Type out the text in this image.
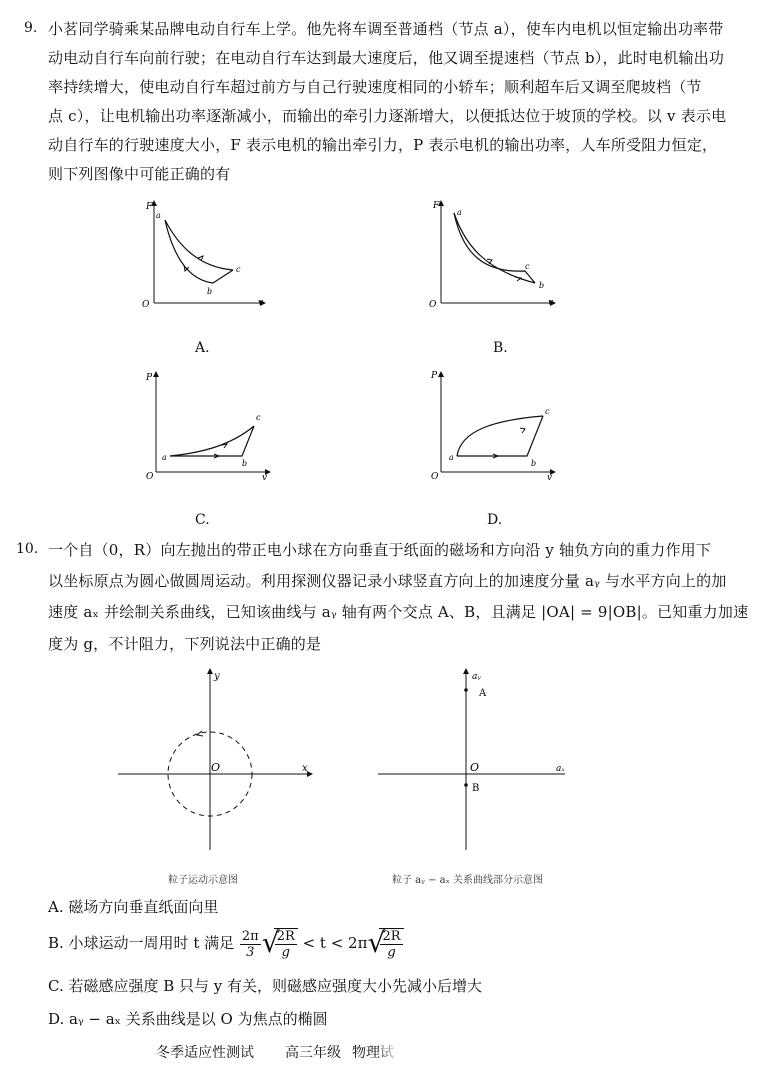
9. 小茗同学骑乘某品牌电动自行车上学。他先将车调至普通档（节点 a），使车内电机以恒定输出功率带
动电动自行车向前行驶；在电动自行车达到最大速度后，他又调至提速档（节点 b），此时电机输出功
率持续增大，使电动自行车超过前方与自己行驶速度相同的小轿车；顺利超车后又调至爬坡档（节
点 c），让电机输出功率逐渐减小，而输出的牵引力逐渐增大，以便抵达位于坡顶的学校。以 v 表示电
动自行车的行驶速度大小，F 表示电机的输出牵引力，P 表示电机的输出功率，人车所受阻力恒定，
则下列图像中可能正确的有
F
a
c
b
O	v
A.
F
a
c
b
O	v
B.
P
a
c
b
O	v
C.
P
a
c
b
O	v
D.
10. 一个自（0，R）向左抛出的带正电小球在方向垂直于纸面的磁场和方向沿 y 轴负方向的重力作用下
以坐标原点为圆心做圆周运动。利用探测仪器记录小球竖直方向上的加速度分量 aᵧ 与水平方向上的加
速度 aₓ 并绘制关系曲线，已知该曲线与 aᵧ 轴有两个交点 A、B，且满足 |OA| = 9|OB|。已知重力加速
度为 g，不计阻力，下列说法中正确的是
y
x
O
粒子运动示意图
aᵧ
aₓ
O
A
B
粒子 aᵧ − aₓ 关系曲线部分示意图
A. 磁场方向垂直纸面向里
B. 小球运动一周用时 t 满足 $\frac{2\pi}{3}$ √
$\frac{2R}{g} < t < 2\pi$ √
$\frac{2R}{g}$
C. 若磁感应强度 B 只与 y 有关，则磁感应强度大小先减小后增大
D. aᵧ − aₓ 关系曲线是以 O 为焦点的椭圆
冬季适应性测试 高三年级 物理试
